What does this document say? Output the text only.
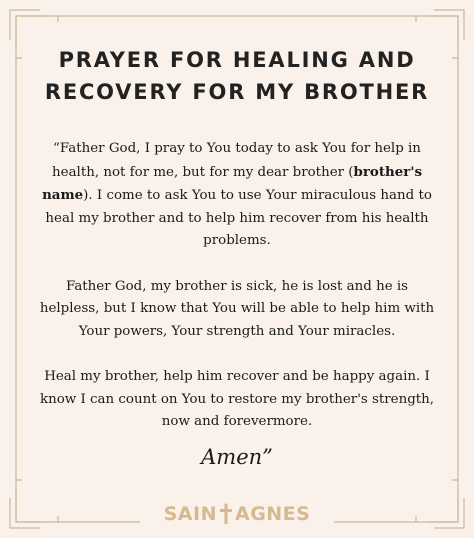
PRAYER FOR HEALING AND
RECOVERY FOR MY BROTHER

“Father God, I pray to You today to ask You for help in health, not for me, but for my dear brother (brother's name). I come to ask You to use Your miraculous hand to heal my brother and to help him recover from his health problems.

Father God, my brother is sick, he is lost and he is helpless, but I know that You will be able to help him with Your powers, Your strength and Your miracles.

Heal my brother, help him recover and be happy again. I know I can count on You to restore my brother's strength, now and forevermore.

Amen”
SAIN AGNES
